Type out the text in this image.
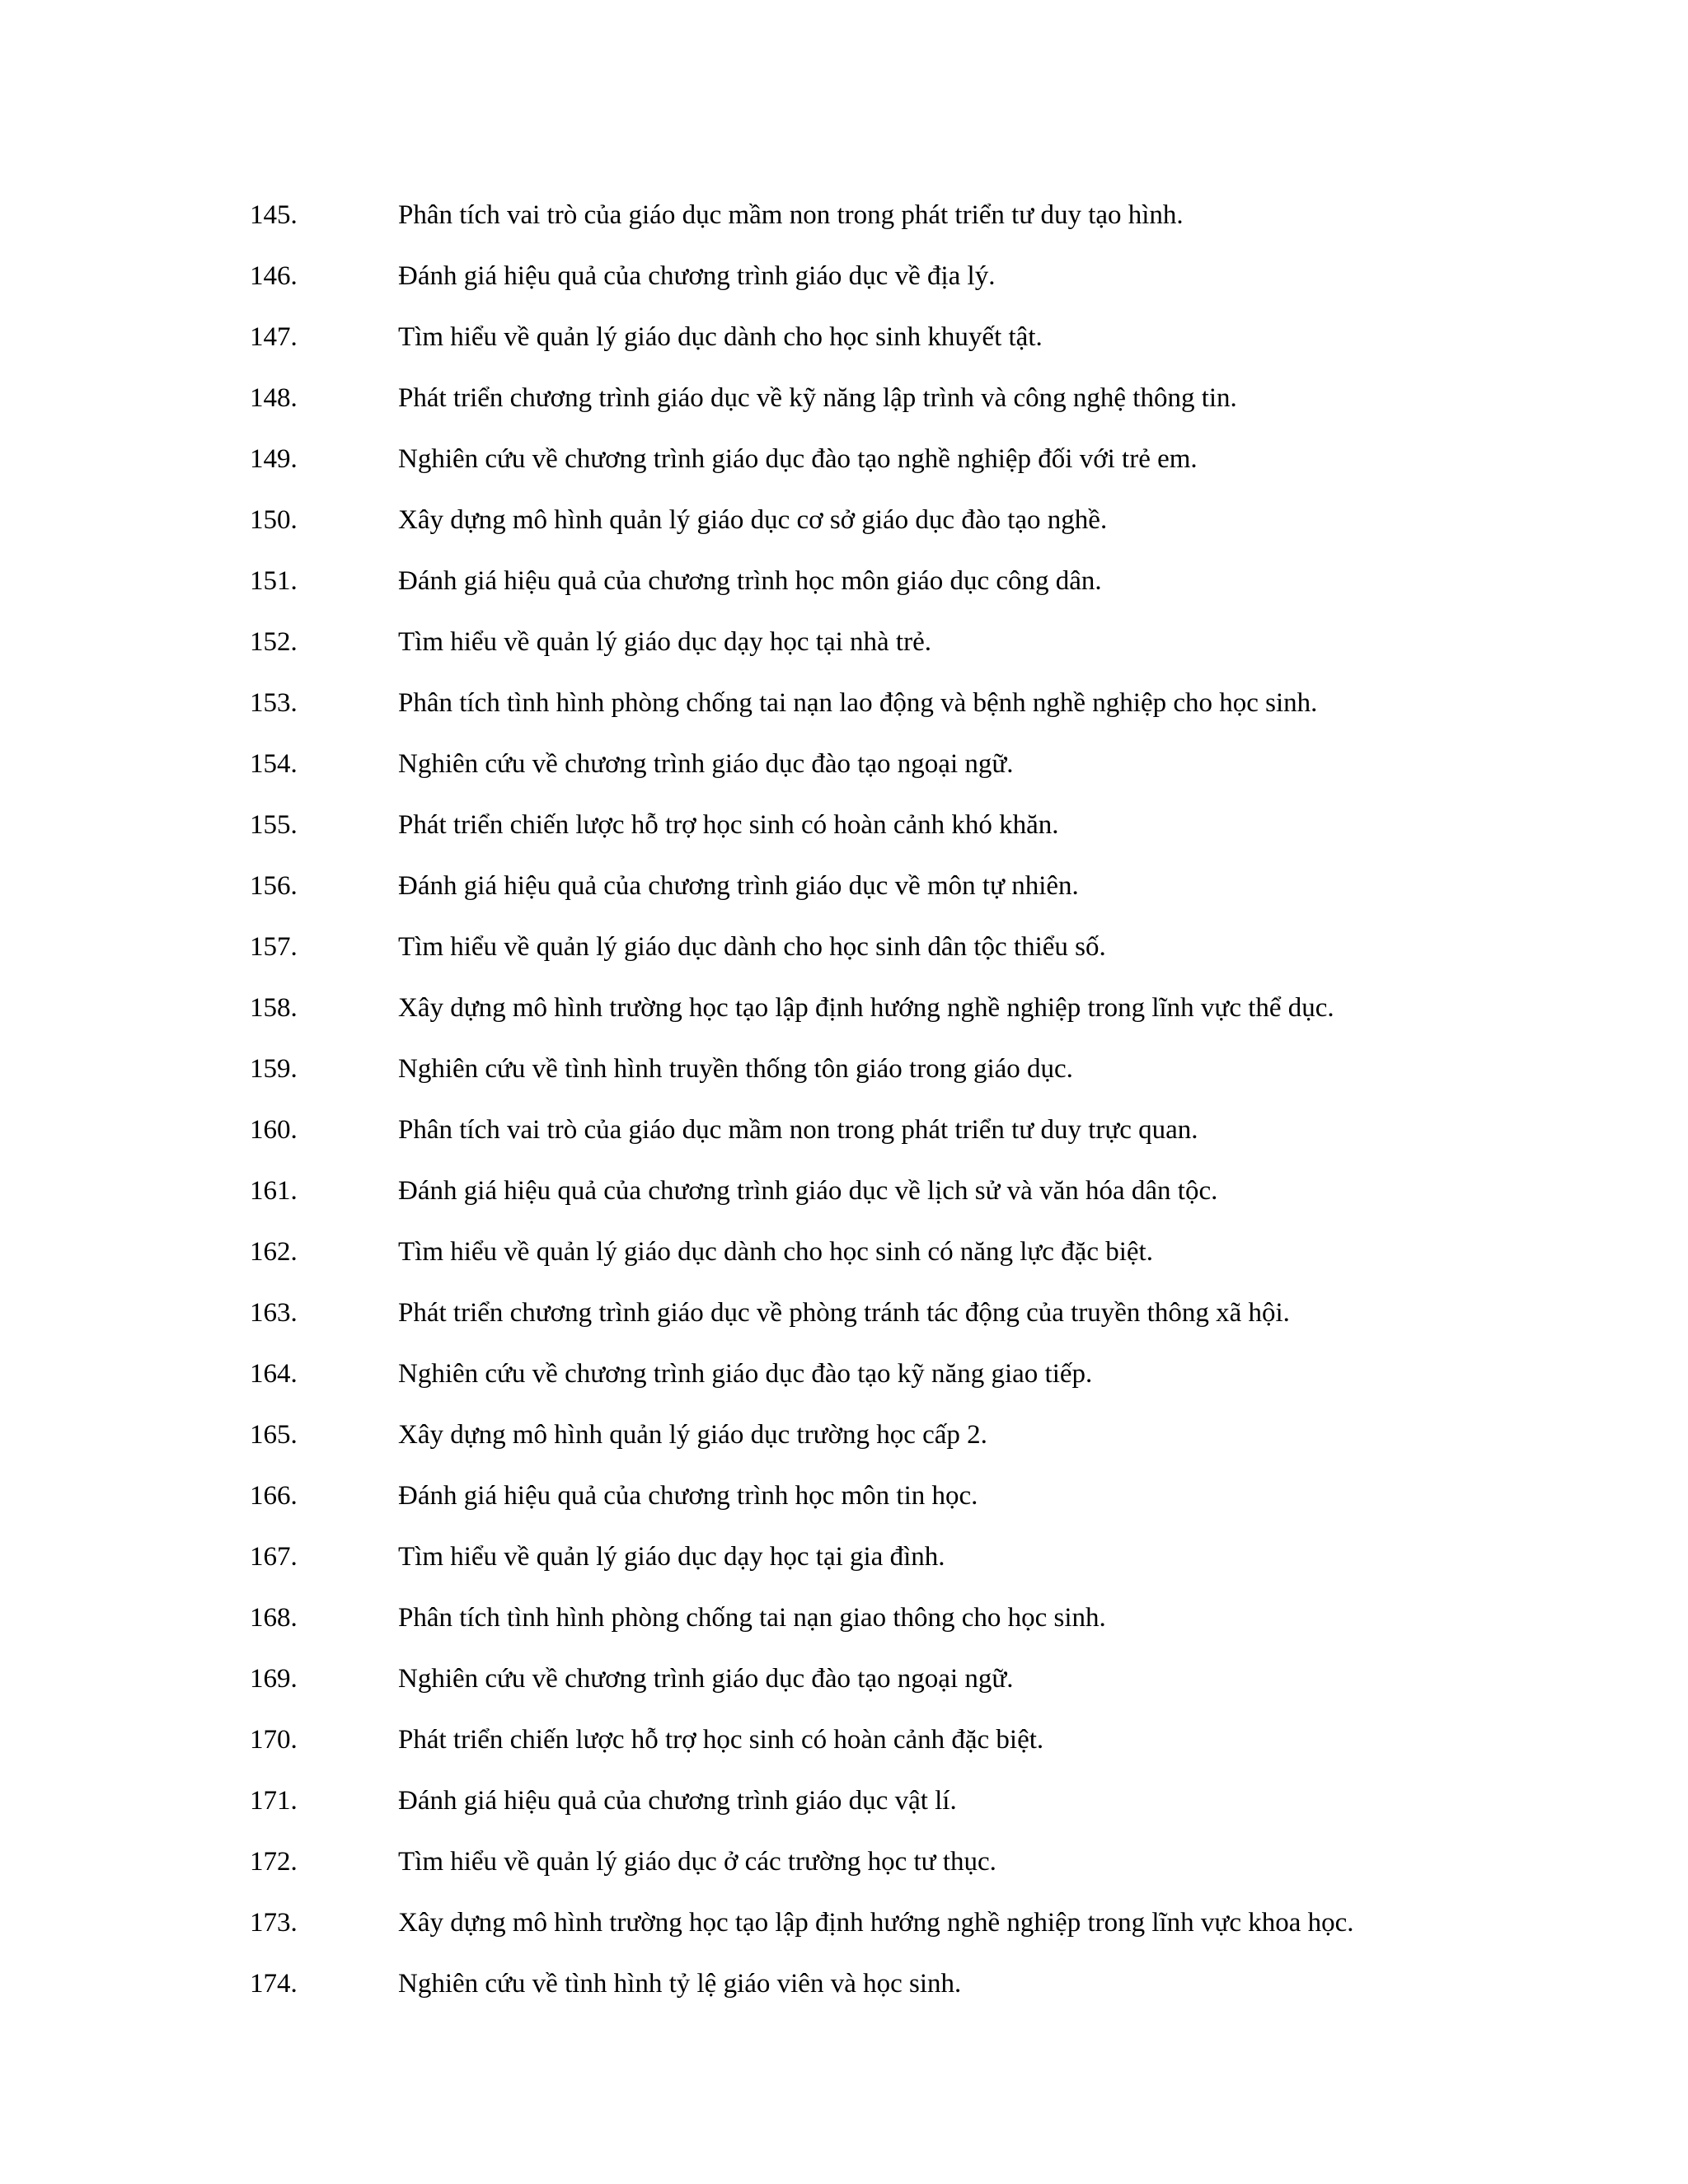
145.	Phân tích vai trò của giáo dục mầm non trong phát triển tư duy tạo hình.
146.	Đánh giá hiệu quả của chương trình giáo dục về địa lý.
147.	Tìm hiểu về quản lý giáo dục dành cho học sinh khuyết tật.
148.	Phát triển chương trình giáo dục về kỹ năng lập trình và công nghệ thông tin.
149.	Nghiên cứu về chương trình giáo dục đào tạo nghề nghiệp đối với trẻ em.
150.	Xây dựng mô hình quản lý giáo dục cơ sở giáo dục đào tạo nghề.
151.	Đánh giá hiệu quả của chương trình học môn giáo dục công dân.
152.	Tìm hiểu về quản lý giáo dục dạy học tại nhà trẻ.
153.	Phân tích tình hình phòng chống tai nạn lao động và bệnh nghề nghiệp cho học sinh.
154.	Nghiên cứu về chương trình giáo dục đào tạo ngoại ngữ.
155.	Phát triển chiến lược hỗ trợ học sinh có hoàn cảnh khó khăn.
156.	Đánh giá hiệu quả của chương trình giáo dục về môn tự nhiên.
157.	Tìm hiểu về quản lý giáo dục dành cho học sinh dân tộc thiểu số.
158.	Xây dựng mô hình trường học tạo lập định hướng nghề nghiệp trong lĩnh vực thể dục.
159.	Nghiên cứu về tình hình truyền thống tôn giáo trong giáo dục.
160.	Phân tích vai trò của giáo dục mầm non trong phát triển tư duy trực quan.
161.	Đánh giá hiệu quả của chương trình giáo dục về lịch sử và văn hóa dân tộc.
162.	Tìm hiểu về quản lý giáo dục dành cho học sinh có năng lực đặc biệt.
163.	Phát triển chương trình giáo dục về phòng tránh tác động của truyền thông xã hội.
164.	Nghiên cứu về chương trình giáo dục đào tạo kỹ năng giao tiếp.
165.	Xây dựng mô hình quản lý giáo dục trường học cấp 2.
166.	Đánh giá hiệu quả của chương trình học môn tin học.
167.	Tìm hiểu về quản lý giáo dục dạy học tại gia đình.
168.	Phân tích tình hình phòng chống tai nạn giao thông cho học sinh.
169.	Nghiên cứu về chương trình giáo dục đào tạo ngoại ngữ.
170.	Phát triển chiến lược hỗ trợ học sinh có hoàn cảnh đặc biệt.
171.	Đánh giá hiệu quả của chương trình giáo dục vật lí.
172.	Tìm hiểu về quản lý giáo dục ở các trường học tư thục.
173.	Xây dựng mô hình trường học tạo lập định hướng nghề nghiệp trong lĩnh vực khoa học.
174.	Nghiên cứu về tình hình tỷ lệ giáo viên và học sinh.
